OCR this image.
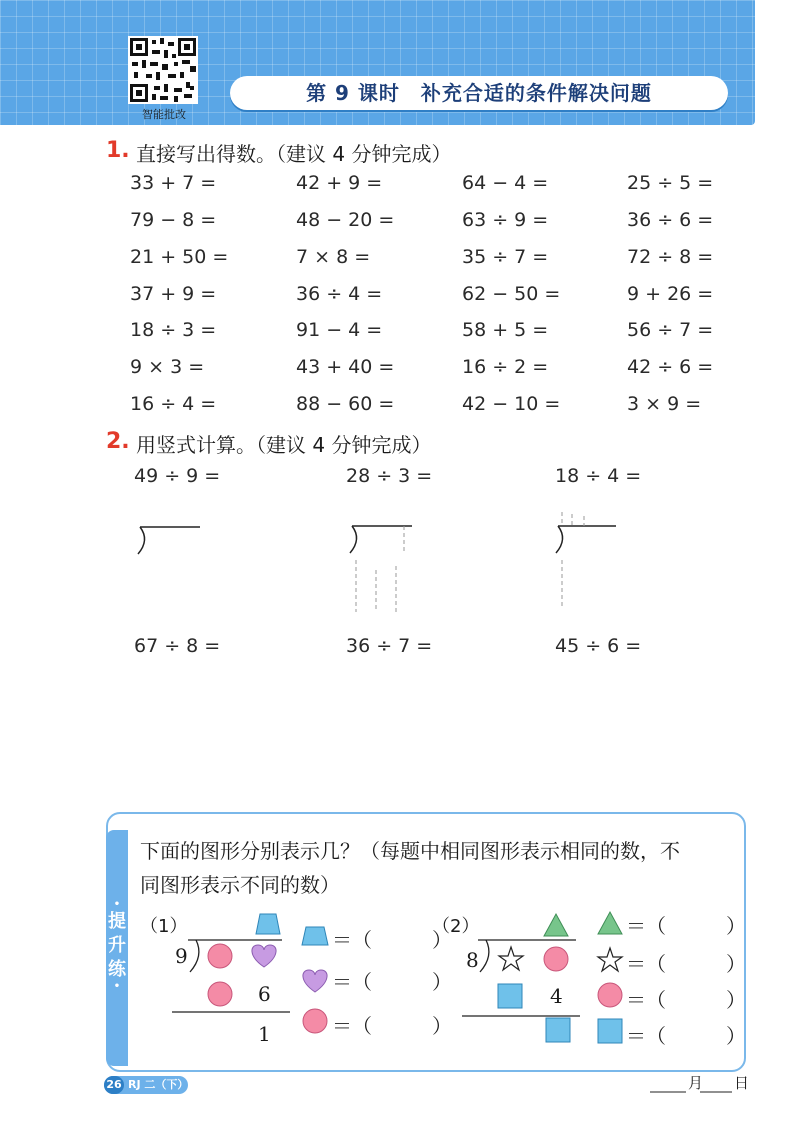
智能批改
第 9 课时　补充合适的条件解决问题
1. 直接写出得数。（建议 4 分钟完成）
33 + 7 =	42 + 9 =	64 − 4 =	25 ÷ 5 =
79 − 8 =	48 − 20 =	63 ÷ 9 =	36 ÷ 6 =
21 + 50 =	7 × 8 =	35 ÷ 7 =	72 ÷ 8 =
37 + 9 =	36 ÷ 4 =	62 − 50 =	9 + 26 =
18 ÷ 3 =	91 − 4 =	58 + 5 =	56 ÷ 7 =
9 × 3 =	43 + 40 =	16 ÷ 2 =	42 ÷ 6 =
16 ÷ 4 =	88 − 60 =	42 − 10 =	3 × 9 =
2. 用竖式计算。（建议 4 分钟完成）
49 ÷ 9 =	28 ÷ 3 =	18 ÷ 4 =
67 ÷ 8 =	36 ÷ 7 =	45 ÷ 6 =
•
提升练
•
下面的图形分别表示几？（每题中相同图形表示相同的数，不
同图形表示不同的数）
（1）
9
6
1
（2）
8
4
＝（　　　）
＝（　　　）
＝（　　　）
＝（　　　）
＝（　　　）
＝（　　　）
＝（　　　）
26 RJ 二（下）	月 日
